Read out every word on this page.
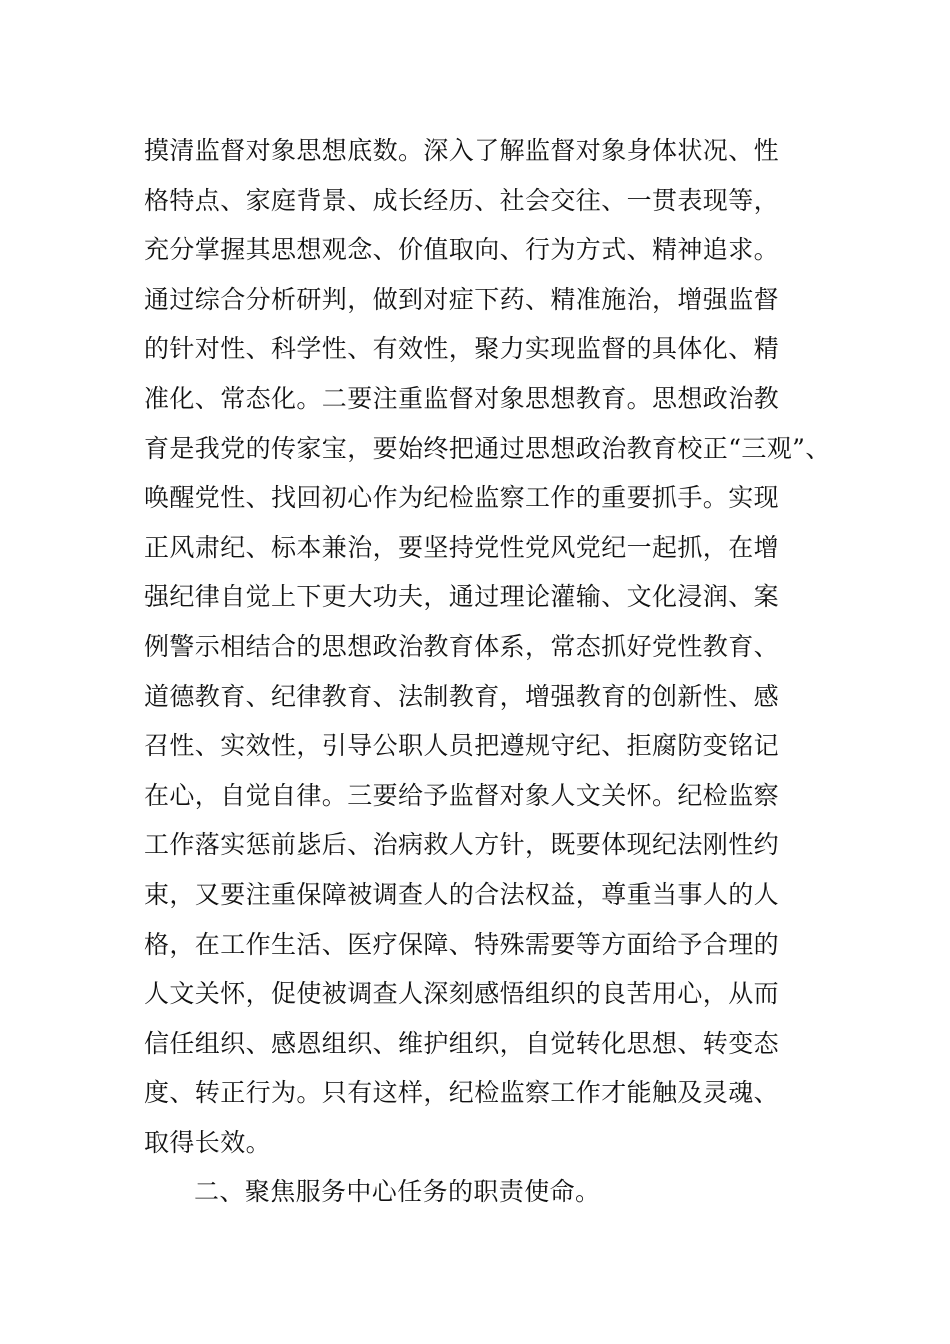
摸清监督对象思想底数。深入了解监督对象身体状况、性
格特点、家庭背景、成长经历、社会交往、一贯表现等，
充分掌握其思想观念、价值取向、行为方式、精神追求。
通过综合分析研判，做到对症下药、精准施治，增强监督
的针对性、科学性、有效性，聚力实现监督的具体化、精
准化、常态化。二要注重监督对象思想教育。思想政治教
育是我党的传家宝，要始终把通过思想政治教育校正“三观”、
唤醒党性、找回初心作为纪检监察工作的重要抓手。实现
正风肃纪、标本兼治，要坚持党性党风党纪一起抓，在增
强纪律自觉上下更大功夫，通过理论灌输、文化浸润、案
例警示相结合的思想政治教育体系，常态抓好党性教育、
道德教育、纪律教育、法制教育，增强教育的创新性、感
召性、实效性，引导公职人员把遵规守纪、拒腐防变铭记
在心，自觉自律。三要给予监督对象人文关怀。纪检监察
工作落实惩前毖后、治病救人方针，既要体现纪法刚性约
束，又要注重保障被调查人的合法权益，尊重当事人的人
格，在工作生活、医疗保障、特殊需要等方面给予合理的
人文关怀，促使被调查人深刻感悟组织的良苦用心，从而
信任组织、感恩组织、维护组织，自觉转化思想、转变态
度、转正行为。只有这样，纪检监察工作才能触及灵魂、
取得长效。
二、聚焦服务中心任务的职责使命。
